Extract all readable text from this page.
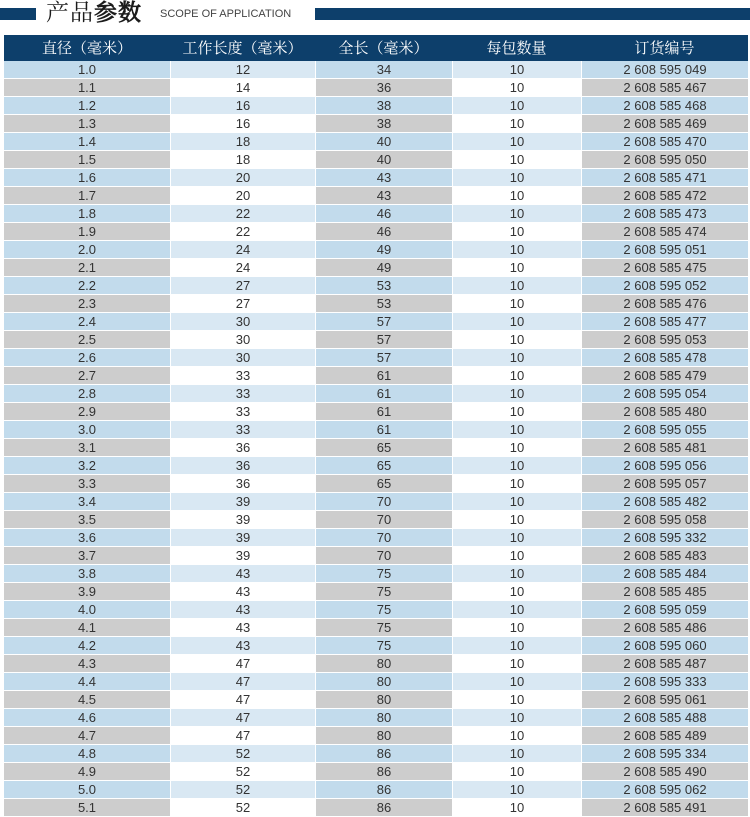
产品参数 SCOPE OF APPLICATION
直径（毫米）	工作长度（毫米）	全长（毫米）	每包数量	订货编号
1.0	12	34	10	2 608 595 049
1.1	14	36	10	2 608 585 467
1.2	16	38	10	2 608 585 468
1.3	16	38	10	2 608 585 469
1.4	18	40	10	2 608 585 470
1.5	18	40	10	2 608 595 050
1.6	20	43	10	2 608 585 471
1.7	20	43	10	2 608 585 472
1.8	22	46	10	2 608 585 473
1.9	22	46	10	2 608 585 474
2.0	24	49	10	2 608 595 051
2.1	24	49	10	2 608 585 475
2.2	27	53	10	2 608 595 052
2.3	27	53	10	2 608 585 476
2.4	30	57	10	2 608 585 477
2.5	30	57	10	2 608 595 053
2.6	30	57	10	2 608 585 478
2.7	33	61	10	2 608 585 479
2.8	33	61	10	2 608 595 054
2.9	33	61	10	2 608 585 480
3.0	33	61	10	2 608 595 055
3.1	36	65	10	2 608 585 481
3.2	36	65	10	2 608 595 056
3.3	36	65	10	2 608 595 057
3.4	39	70	10	2 608 585 482
3.5	39	70	10	2 608 595 058
3.6	39	70	10	2 608 595 332
3.7	39	70	10	2 608 585 483
3.8	43	75	10	2 608 585 484
3.9	43	75	10	2 608 585 485
4.0	43	75	10	2 608 595 059
4.1	43	75	10	2 608 585 486
4.2	43	75	10	2 608 595 060
4.3	47	80	10	2 608 585 487
4.4	47	80	10	2 608 595 333
4.5	47	80	10	2 608 595 061
4.6	47	80	10	2 608 585 488
4.7	47	80	10	2 608 585 489
4.8	52	86	10	2 608 595 334
4.9	52	86	10	2 608 585 490
5.0	52	86	10	2 608 595 062
5.1	52	86	10	2 608 585 491
